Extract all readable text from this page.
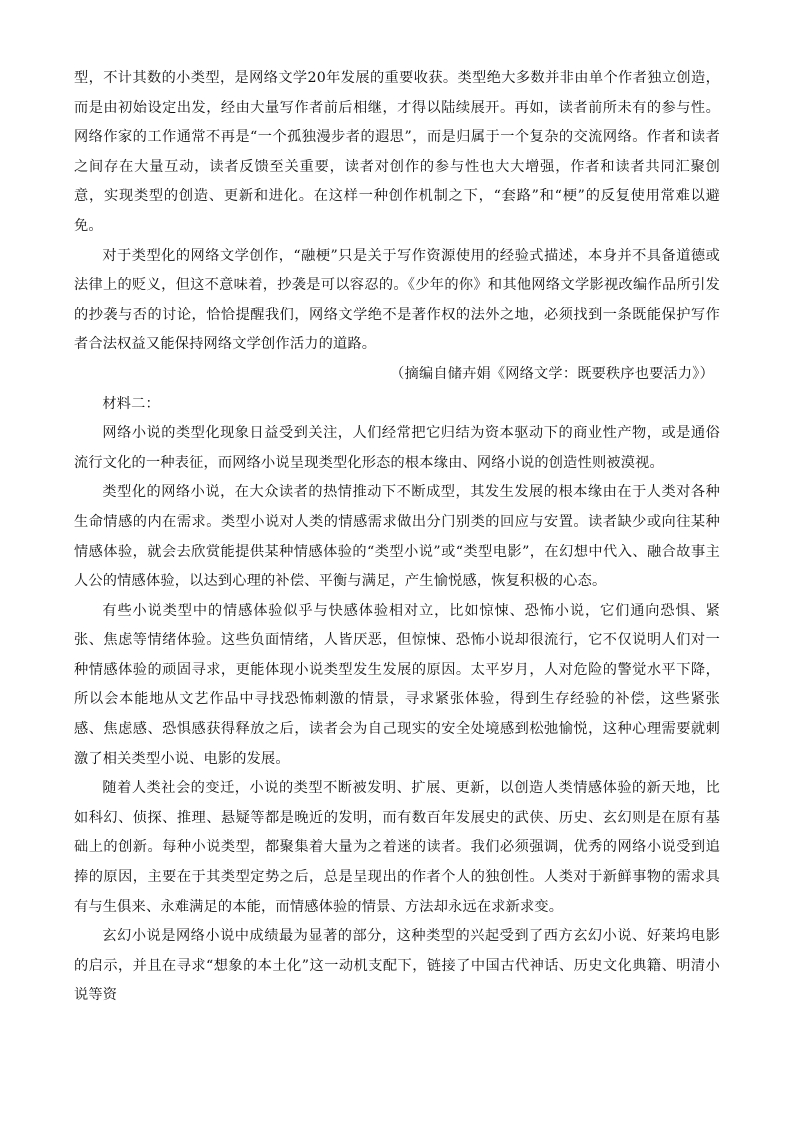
型，不计其数的小类型，是网络文学20年发展的重要收获。类型绝大多数并非由单个作者独立创造，而是由初始设定出发，经由大量写作者前后相继，才得以陆续展开。再如，读者前所未有的参与性。网络作家的工作通常不再是“一个孤独漫步者的遐思”，而是归属于一个复杂的交流网络。作者和读者之间存在大量互动，读者反馈至关重要，读者对创作的参与性也大大增强，作者和读者共同汇聚创意，实现类型的创造、更新和进化。在这样一种创作机制之下，“套路”和“梗”的反复使用常难以避免。

对于类型化的网络文学创作，“融梗”只是关于写作资源使用的经验式描述，本身并不具备道德或法律上的贬义，但这不意味着，抄袭是可以容忍的。《少年的你》和其他网络文学影视改编作品所引发的抄袭与否的讨论，恰恰提醒我们，网络文学绝不是著作权的法外之地，必须找到一条既能保护写作者合法权益又能保持网络文学创作活力的道路。

（摘编自储卉娟《网络文学：既要秩序也要活力》）

材料二：

网络小说的类型化现象日益受到关注，人们经常把它归结为资本驱动下的商业性产物，或是通俗流行文化的一种表征，而网络小说呈现类型化形态的根本缘由、网络小说的创造性则被漠视。

类型化的网络小说，在大众读者的热情推动下不断成型，其发生发展的根本缘由在于人类对各种生命情感的内在需求。类型小说对人类的情感需求做出分门别类的回应与安置。读者缺少或向往某种情感体验，就会去欣赏能提供某种情感体验的“类型小说”或“类型电影”，在幻想中代入、融合故事主人公的情感体验，以达到心理的补偿、平衡与满足，产生愉悦感，恢复积极的心态。

有些小说类型中的情感体验似乎与快感体验相对立，比如惊悚、恐怖小说，它们通向恐惧、紧张、焦虑等情绪体验。这些负面情绪，人皆厌恶，但惊悚、恐怖小说却很流行，它不仅说明人们对一种情感体验的顽固寻求，更能体现小说类型发生发展的原因。太平岁月，人对危险的警觉水平下降，所以会本能地从文艺作品中寻找恐怖刺激的情景，寻求紧张体验，得到生存经验的补偿，这些紧张感、焦虑感、恐惧感获得释放之后，读者会为自己现实的安全处境感到松弛愉悦，这种心理需要就刺激了相关类型小说、电影的发展。

随着人类社会的变迁，小说的类型不断被发明、扩展、更新，以创造人类情感体验的新天地，比如科幻、侦探、推理、悬疑等都是晚近的发明，而有数百年发展史的武侠、历史、玄幻则是在原有基础上的创新。每种小说类型，都聚集着大量为之着迷的读者。我们必须强调，优秀的网络小说受到追捧的原因，主要在于其类型定势之后，总是呈现出的作者个人的独创性。人类对于新鲜事物的需求具有与生俱来、永难满足的本能，而情感体验的情景、方法却永远在求新求变。

玄幻小说是网络小说中成绩最为显著的部分，这种类型的兴起受到了西方玄幻小说、好莱坞电影的启示，并且在寻求“想象的本土化”这一动机支配下，链接了中国古代神话、历史文化典籍、明清小说等资
